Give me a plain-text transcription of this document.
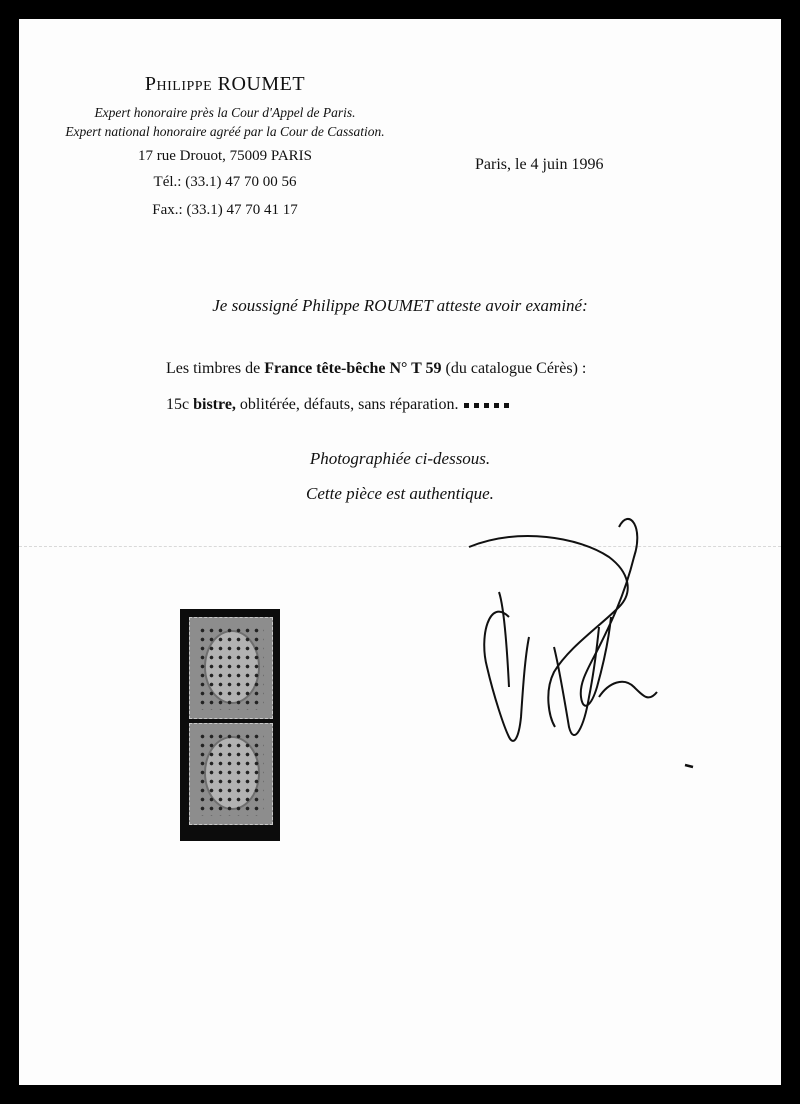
Philippe ROUMET
Expert honoraire près la Cour d'Appel de Paris.
Expert national honoraire agréé par la Cour de Cassation.
17 rue Drouot, 75009 PARIS
Tél.: (33.1) 47 70 00 56
Fax.: (33.1) 47 70 41 17
Paris, le 4 juin 1996
Je soussigné Philippe ROUMET atteste avoir examiné:
Les timbres de France tête-bêche N° T 59 (du catalogue Cérès) :
15c bistre, oblitérée, défauts, sans réparation.
Photographiée ci-dessous.
Cette pièce est authentique.
